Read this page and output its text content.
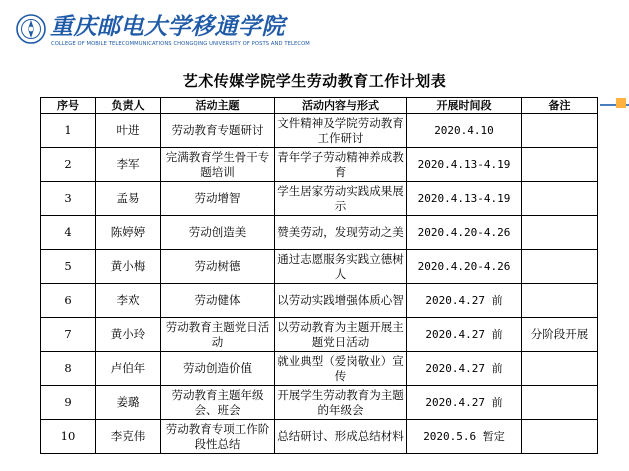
重庆邮电大学移通学院
COLLEGE OF MOBILE TELECOMMUNICATIONS CHONGQING UNIVERSITY OF POSTS AND TELECOM
艺术传媒学院学生劳动教育工作计划表
序号	负责人	活动主题	活动内容与形式	开展时间段	备注
1	叶进	劳动教育专题研讨	文件精神及学院劳动教育工作研讨	2020.4.10	
2	李军	完满教育学生骨干专题培训	青年学子劳动精神养成教育	2020.4.13-4.19	
3	孟易	劳动增智	学生居家劳动实践成果展示	2020.4.13-4.19	
4	陈婷婷	劳动创造美	赞美劳动，发现劳动之美	2020.4.20-4.26	
5	黄小梅	劳动树德	通过志愿服务实践立德树人	2020.4.20-4.26	
6	李欢	劳动健体	以劳动实践增强体质心智	2020.4.27 前	
7	黄小玲	劳动教育主题党日活动	以劳动教育为主题开展主题党日活动	2020.4.27 前	分阶段开展
8	卢伯年	劳动创造价值	就业典型（爱岗敬业）宣传	2020.4.27 前	
9	姜璐	劳动教育主题年级会、班会	开展学生劳动教育为主题的年级会	2020.4.27 前	
10	李克伟	劳动教育专项工作阶段性总结	总结研讨、形成总结材料	2020.5.6 暂定	
